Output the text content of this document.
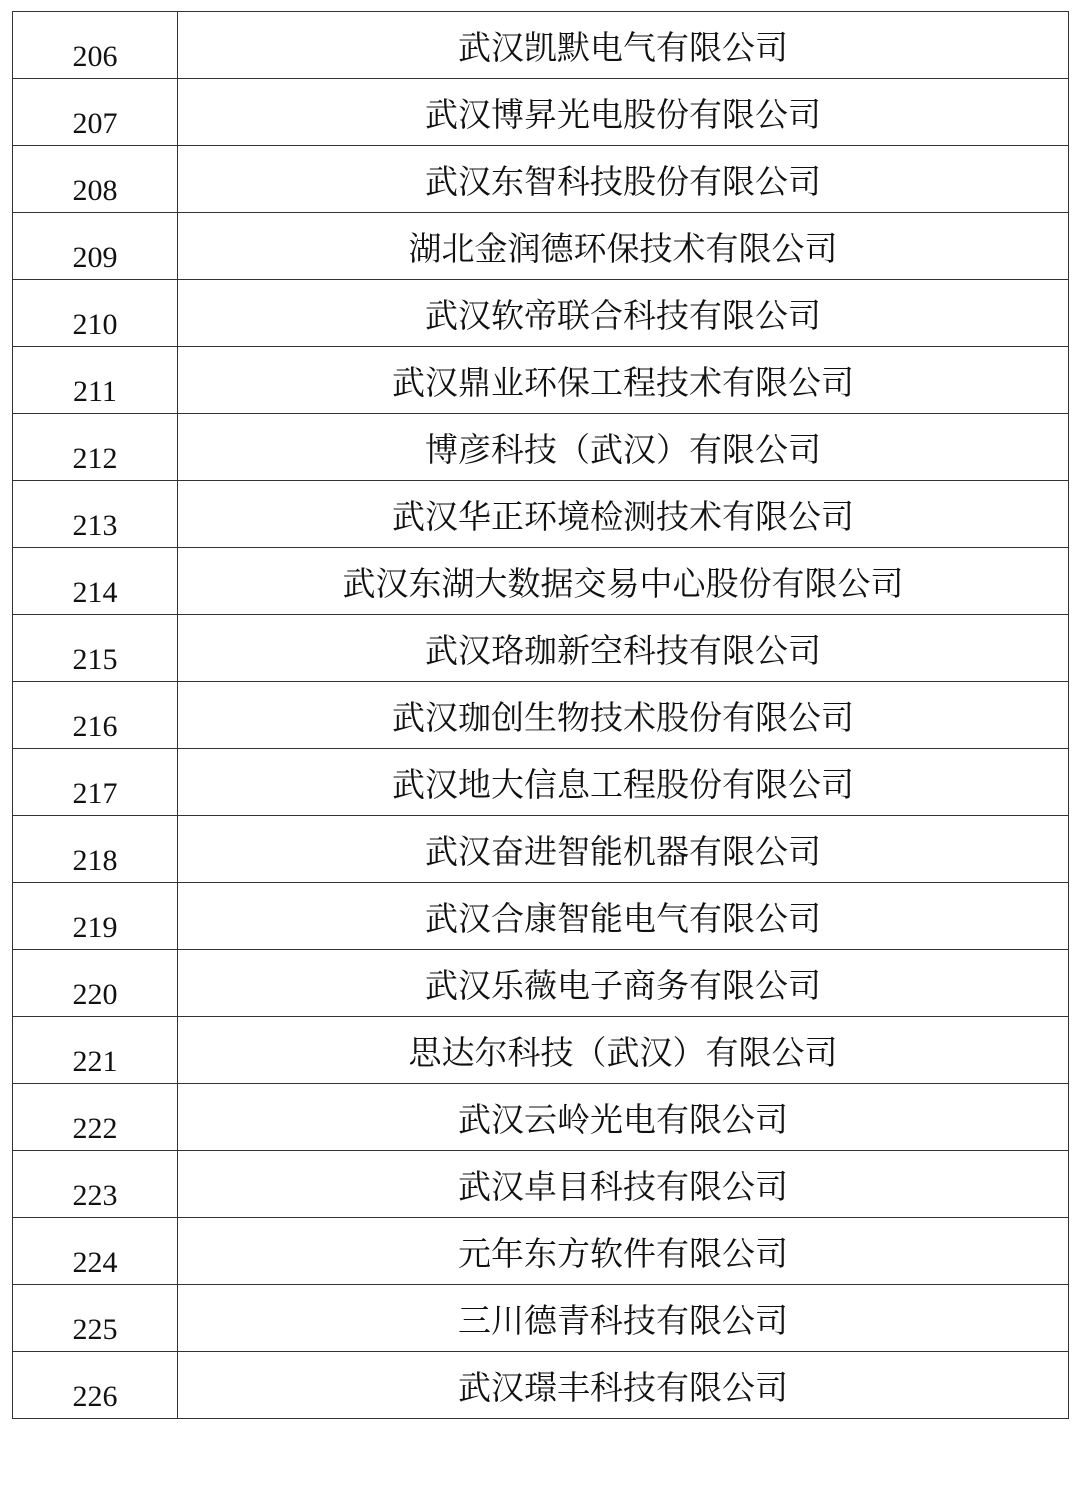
206	武汉凯默电气有限公司
207	武汉博昇光电股份有限公司
208	武汉东智科技股份有限公司
209	湖北金润德环保技术有限公司
210	武汉软帝联合科技有限公司
211	武汉鼎业环保工程技术有限公司
212	博彦科技（武汉）有限公司
213	武汉华正环境检测技术有限公司
214	武汉东湖大数据交易中心股份有限公司
215	武汉珞珈新空科技有限公司
216	武汉珈创生物技术股份有限公司
217	武汉地大信息工程股份有限公司
218	武汉奋进智能机器有限公司
219	武汉合康智能电气有限公司
220	武汉乐薇电子商务有限公司
221	思达尔科技（武汉）有限公司
222	武汉云岭光电有限公司
223	武汉卓目科技有限公司
224	元年东方软件有限公司
225	三川德青科技有限公司
226	武汉璟丰科技有限公司
